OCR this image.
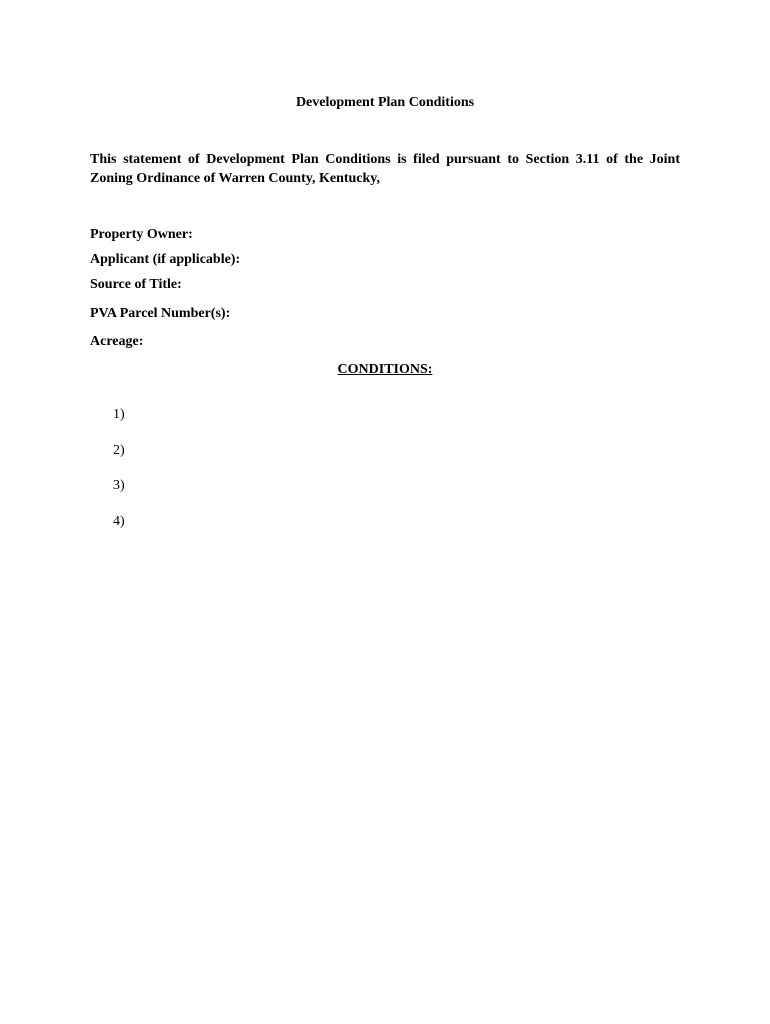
Development Plan Conditions
This statement of Development Plan Conditions is filed pursuant to Section 3.11 of the Joint Zoning Ordinance of Warren County, Kentucky,
Property Owner:
Applicant (if applicable):
Source of Title:
PVA Parcel Number(s):
Acreage:
CONDITIONS:
1)
2)
3)
4)
